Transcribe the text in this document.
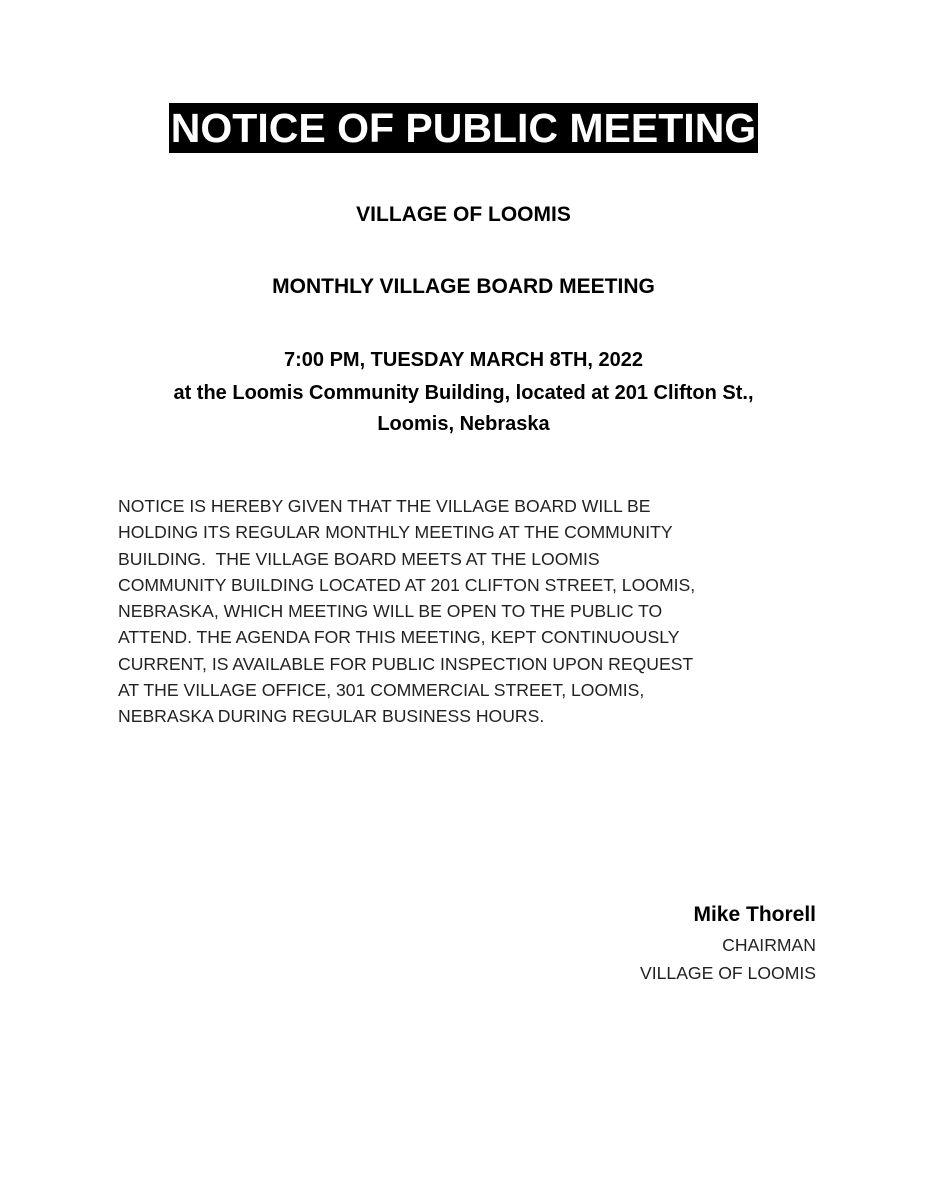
NOTICE OF PUBLIC MEETING
VILLAGE OF LOOMIS
MONTHLY VILLAGE BOARD MEETING
7:00 PM, TUESDAY MARCH 8TH, 2022
at the Loomis Community Building, located at 201 Clifton St.,
Loomis, Nebraska
NOTICE IS HEREBY GIVEN THAT THE VILLAGE BOARD WILL BE
HOLDING ITS REGULAR MONTHLY MEETING AT THE COMMUNITY
BUILDING.  THE VILLAGE BOARD MEETS AT THE LOOMIS
COMMUNITY BUILDING LOCATED AT 201 CLIFTON STREET, LOOMIS,
NEBRASKA, WHICH MEETING WILL BE OPEN TO THE PUBLIC TO
ATTEND. THE AGENDA FOR THIS MEETING, KEPT CONTINUOUSLY
CURRENT, IS AVAILABLE FOR PUBLIC INSPECTION UPON REQUEST
AT THE VILLAGE OFFICE, 301 COMMERCIAL STREET, LOOMIS,
NEBRASKA DURING REGULAR BUSINESS HOURS.
Mike Thorell
CHAIRMAN
VILLAGE OF LOOMIS
